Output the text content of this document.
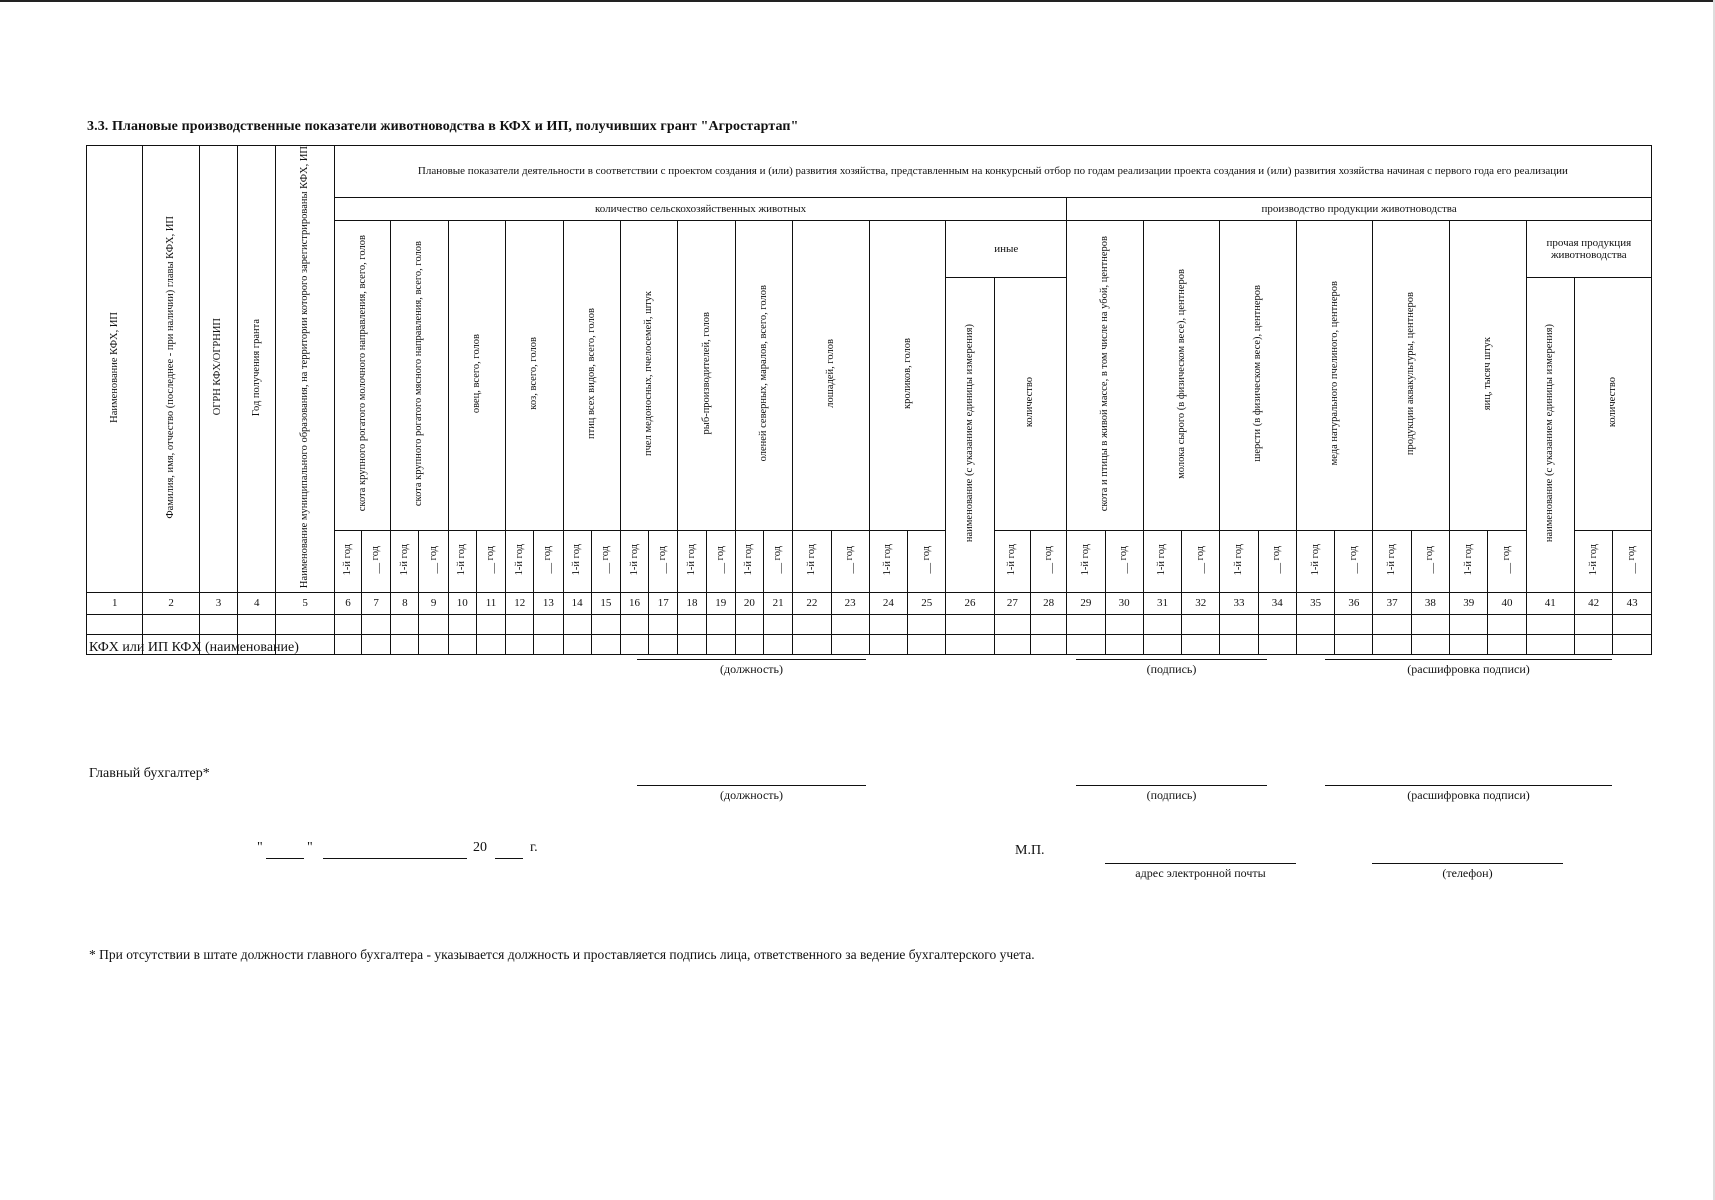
3.3. Плановые производственные показатели животноводства в КФХ и ИП, получивших грант "Агростартап"
Наименование КФХ, ИП	Фамилия, имя, отчество (последнее - при наличии) главы КФХ, ИП	ОГРН КФХ/ОГРНИП	Год получения гранта	Наименование муниципального образования, на территории которого зарегистрированы КФХ, ИП	Плановые показатели деятельности в соответствии с проектом создания и (или) развития хозяйства, представленным на конкурсный отбор по годам реализации проекта создания и (или) развития хозяйства начиная с первого года его реализации																																					
					количество сельскохозяйственных животных																							производство продукции животноводства														
					скота крупного рогатого молочного направления, всего, голов		скота крупного рогатого мясного направления, всего, голов		овец, всего, голов		коз, всего, голов		птиц всех видов, всего, голов		пчел медоносных, пчелосемей, штук		рыб-производителей, голов		оленей северных, маралов, всего, голов		лошадей, голов		кроликов, голов		иные			скота и птицы в живой массе, в том числе на убой, центнеров		молока сырого (в физическом весе), центнеров		шерсти (в физическом весе), центнеров		меда натурального пчелиного, центнеров		продукции аквакультуры, центнеров		яиц, тысяч штук		прочая продукция животноводства		
																									наименование (с указанием единицы измерения)	количество														наименование (с указанием единицы измерения)	количество	
					1-й год	__ год	1-й год	__ год	1-й год	__ год	1-й год	__ год	1-й год	__ год	1-й год	__ год	1-й год	__ год	1-й год	__ год	1-й год	__ год	1-й год	__ год		1-й год	__ год	1-й год	__ год	1-й год	__ год	1-й год	__ год	1-й год	__ год	1-й год	__ год	1-й год	__ год		1-й год	__ год
1	2	3	4	5	6	7	8	9	10	11	12	13	14	15	16	17	18	19	20	21	22	23	24	25	26	27	28	29	30	31	32	33	34	35	36	37	38	39	40	41	42	43

КФХ или ИП КФХ (наименование)
(должность)	(подпись)	(расшифровка подписи)
Главный бухгалтер*
(должность)	(подпись)	(расшифровка подписи)
"	"	20	г.	М.П.
адрес электронной почты	(телефон)
* При отсутствии в штате должности главного бухгалтера - указывается должность и проставляется подпись лица, ответственного за ведение бухгалтерского учета.
